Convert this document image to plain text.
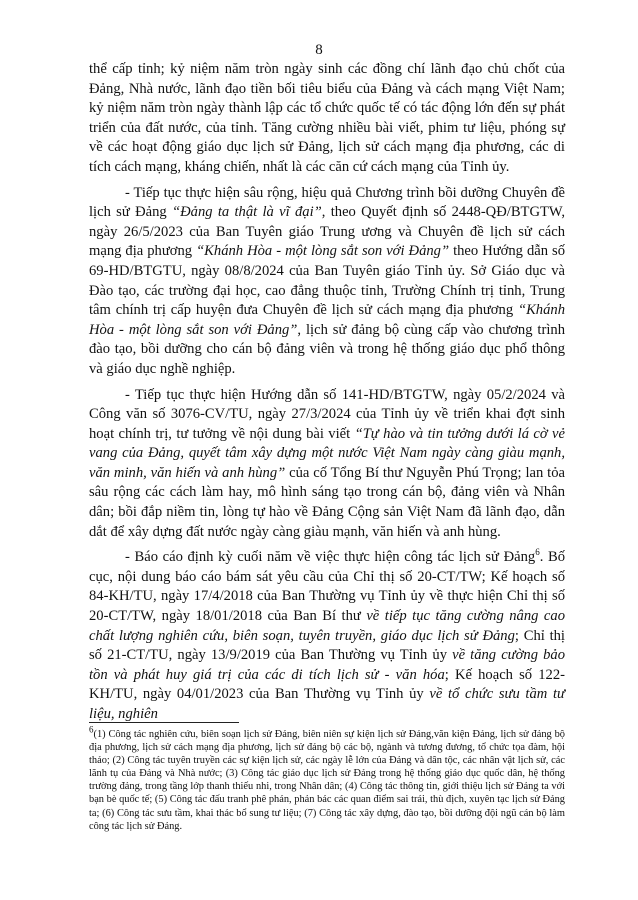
8

thể cấp tỉnh; kỷ niệm năm tròn ngày sinh các đồng chí lãnh đạo chủ chốt của Đảng, Nhà nước, lãnh đạo tiền bối tiêu biểu của Đảng và cách mạng Việt Nam; kỷ niệm năm tròn ngày thành lập các tổ chức quốc tế có tác động lớn đến sự phát triển của đất nước, của tỉnh. Tăng cường nhiều bài viết, phim tư liệu, phóng sự về các hoạt động giáo dục lịch sử Đảng, lịch sử cách mạng địa phương, các di tích cách mạng, kháng chiến, nhất là các căn cứ cách mạng của Tỉnh ủy.

- Tiếp tục thực hiện sâu rộng, hiệu quả Chương trình bồi dưỡng Chuyên đề lịch sử Đảng “Đảng ta thật là vĩ đại”, theo Quyết định số 2448-QĐ/BTGTW, ngày 26/5/2023 của Ban Tuyên giáo Trung ương và Chuyên đề lịch sử cách mạng địa phương “Khánh Hòa - một lòng sắt son với Đảng” theo Hướng dẫn số 69-HD/BTGTU, ngày 08/8/2024 của Ban Tuyên giáo Tỉnh ủy. Sở Giáo dục và Đào tạo, các trường đại học, cao đẳng thuộc tỉnh, Trường Chính trị tỉnh, Trung tâm chính trị cấp huyện đưa Chuyên đề lịch sử cách mạng địa phương “Khánh Hòa - một lòng sắt son với Đảng”, lịch sử đảng bộ cùng cấp vào chương trình đào tạo, bồi dưỡng cho cán bộ đảng viên và trong hệ thống giáo dục phổ thông và giáo dục nghề nghiệp.

- Tiếp tục thực hiện Hướng dẫn số 141-HD/BTGTW, ngày 05/2/2024 và Công văn số 3076-CV/TU, ngày 27/3/2024 của Tỉnh ủy về triển khai đợt sinh hoạt chính trị, tư tưởng về nội dung bài viết “Tự hào và tin tưởng dưới lá cờ vẻ vang của Đảng, quyết tâm xây dựng một nước Việt Nam ngày càng giàu mạnh, văn minh, văn hiến và anh hùng” của cố Tổng Bí thư Nguyễn Phú Trọng; lan tỏa sâu rộng các cách làm hay, mô hình sáng tạo trong cán bộ, đảng viên và Nhân dân; bồi đắp niềm tin, lòng tự hào về Đảng Cộng sản Việt Nam đã lãnh đạo, dẫn dắt để xây dựng đất nước ngày càng giàu mạnh, văn hiến và anh hùng.

- Báo cáo định kỳ cuối năm về việc thực hiện công tác lịch sử Đảng$^6$. Bố cục, nội dung báo cáo bám sát yêu cầu của Chỉ thị số 20-CT/TW; Kế hoạch số 84-KH/TU, ngày 17/4/2018 của Ban Thường vụ Tỉnh ủy về thực hiện Chỉ thị số 20-CT/TW, ngày 18/01/2018 của Ban Bí thư về tiếp tục tăng cường nâng cao chất lượng nghiên cứu, biên soạn, tuyên truyền, giáo dục lịch sử Đảng; Chỉ thị số 21-CT/TU, ngày 13/9/2019 của Ban Thường vụ Tỉnh ủy về tăng cường bảo tồn và phát huy giá trị của các di tích lịch sử - văn hóa; Kế hoạch số 122-KH/TU, ngày 04/01/2023 của Ban Thường vụ Tỉnh ủy về tổ chức sưu tầm tư liệu, nghiên

$^6$(1) Công tác nghiên cứu, biên soạn lịch sử Đảng, biên niên sự kiện lịch sử Đảng,văn kiện Đảng, lịch sử đảng bộ địa phương, lịch sử cách mạng địa phương, lịch sử đảng bộ các bộ, ngành và tương đương, tổ chức tọa đàm, hội thảo; (2) Công tác tuyên truyền các sự kiện lịch sử, các ngày lễ lớn của Đảng và dân tộc, các nhân vật lịch sử, các lãnh tụ của Đảng và Nhà nước; (3) Công tác giáo dục lịch sử Đảng trong hệ thống giáo dục quốc dân, hệ thống trường đảng, trong tầng lớp thanh thiếu nhi, trong Nhân dân; (4) Công tác thông tin, giới thiệu lịch sử Đảng ta với bạn bè quốc tế; (5) Công tác đấu tranh phê phán, phản bác các quan điểm sai trái, thù địch, xuyên tạc lịch sử Đảng ta; (6) Công tác sưu tầm, khai thác bổ sung tư liệu; (7) Công tác xây dựng, đào tạo, bồi dưỡng đội ngũ cán bộ làm công tác lịch sử Đảng.
